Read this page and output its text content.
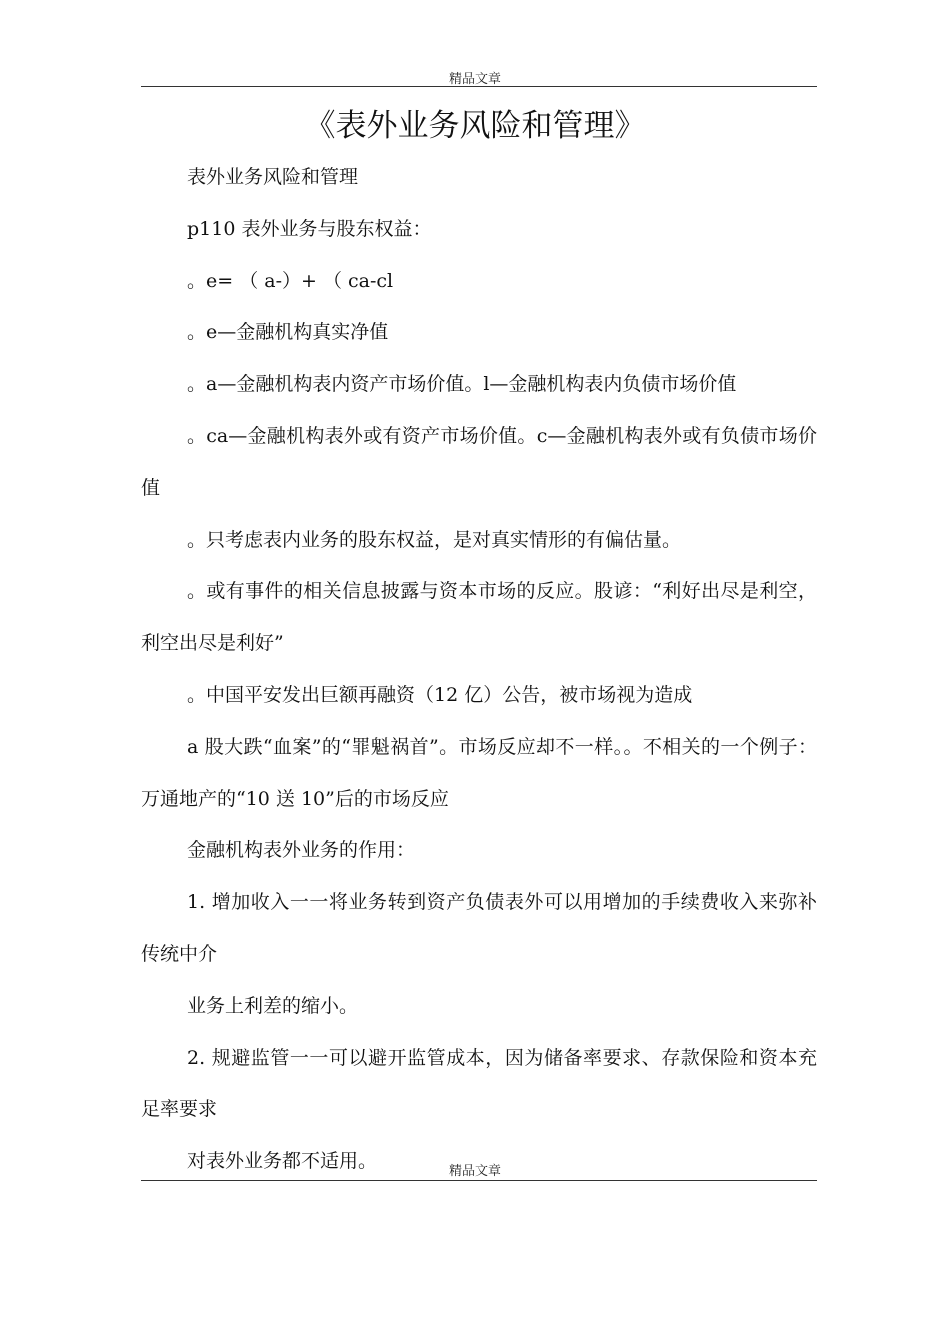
精品文章
《表外业务风险和管理》

表外业务风险和管理

p110 表外业务与股东权益：

。e= （ a-）+ （ ca-cl

。e—金融机构真实净值

。a—金融机构表内资产市场价值。l—金融机构表内负债市场价值

。ca—金融机构表外或有资产市场价值。c—金融机构表外或有负债市场价值

。只考虑表内业务的股东权益，是对真实情形的有偏估量。

。或有事件的相关信息披露与资本市场的反应。股谚：“利好出尽是利空，利空出尽是利好”

。中国平安发出巨额再融资（12 亿）公告，被市场视为造成

a 股大跌“血案”的“罪魁祸首”。市场反应却不一样。。不相关的一个例子：万通地产的“10 送 10”后的市场反应

金融机构表外业务的作用：

1. 增加收入一一将业务转到资产负债表外可以用增加的手续费收入来弥补传统中介

业务上利差的缩小。

2. 规避监管一一可以避开监管成本，因为储备率要求、存款保险和资本充足率要求

对表外业务都不适用。	精品文章
